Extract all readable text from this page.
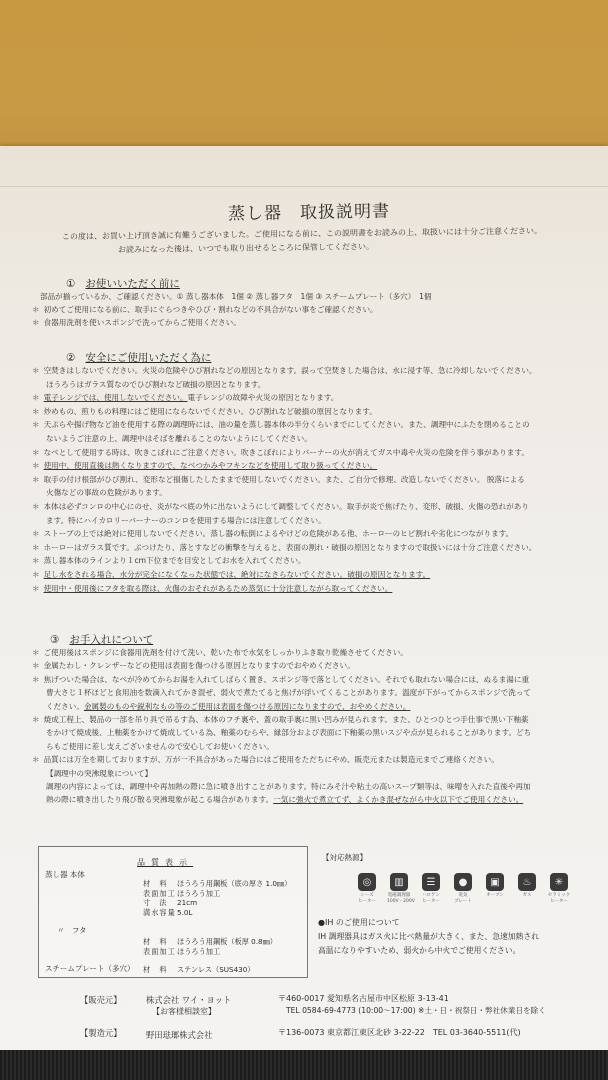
蒸し器　取扱説明書
この度は、お買い上げ頂き誠に有難うございました。ご使用になる前に、この説明書をお読みの上、取扱いには十分ご注意ください。
お読みになった後は、いつでも取り出せるところに保管してください。
① お使いいただく前に
部品が揃っているか、ご確認ください。① 蒸し器本体　1個 ② 蒸し器フタ　1個 ③ スチームプレート（多穴）　1個
＊ 初めてご使用になる前に、取手にぐらつきやひび・割れなどの不具合がない事をご確認ください。
＊ 食器用洗剤を使いスポンジで洗ってからご使用ください。
② 安全にご使用いただく為に
＊ 空焚きはしないでください。火災の危険やひび割れなどの原因となります。誤って空焚きした場合は、水に浸す等、急に冷却しないでください。
ほうろうはガラス質なのでひび割れなど破損の原因となります。
＊ 電子レンジでは、使用しないでください。電子レンジの故障や火災の原因となります。
＊ 炒めもの、煎りもの料理にはご使用にならないでください。ひび割れなど破損の原因となります。
＊ 天ぷらや揚げ物など油を使用する際の調理時には、油の量を蒸し器本体の半分くらいまでにしてください。また、調理中にふたを閉めることの
ないようご注意の上、調理中はそばを離れることのないようにしてください。
＊ なべとして使用する時は、吹きこぼれにご注意ください。吹きこぼれによりバーナーの火が消えてガス中毒や火災の危険を伴う事があります。
＊ 使用中、使用直後は熱くなりますので、なべつかみやフキンなどを使用して取り扱ってください。
＊ 取手の付け根部がひび割れ、変形など損傷したしたままで使用しないでください。また、ご自分で修理、改造しないでください。 脱落による
火傷などの事故の危険があります。
＊ 本体は必ずコンロの中心にのせ、炎がなべ底の外に出ないようにして調整してください。取手が炎で焦げたり、変形、破損、火傷の恐れがあり
ます。特にハイカロリーバーナーのコンロを使用する場合には注意してください。
＊ ストーブの上では絶対に使用しないでください。蒸し器の転倒によるやけどの危険がある他、ホーローのヒビ割れや劣化につながります。
＊ ホーローはガラス質です。ぶつけたり、落とすなどの衝撃を与えると、表面の割れ・破損の原因となりますので取扱いには十分ご注意ください。
＊ 蒸し器本体のラインより１cm下位までを目安としてお水を入れてください。
＊ 足し水をされる場合、水分が完全になくなった状態では、絶対になさらないでください。破損の原因となります。
＊ 使用中・使用後にフタを取る際は、火傷のおそれがあるため蒸気に十分注意しながら取ってください。
③ お手入れについて
＊ ご使用後はスポンジに食器用洗剤を付けて洗い、乾いた布で水気をしっかりふき取り乾燥させてください。
＊ 金属たわし・クレンザーなどの使用は表面を傷つける原因となりますのでおやめください。
＊ 焦げついた場合は、なべが冷めてからお湯を入れてしばらく置き、スポンジ等で落としてください。それでも取れない場合には、ぬるま湯に重
曹大さじ１杯ほどと食用油を数滴入れてかき混ぜ、弱火で煮たてると焦げが浮いてくることがあります。温度が下がってからスポンジで洗って
ください。金属製のものや鋭利なもの等のご使用は表面を傷つける原因になりますので、おやめください。
＊ 焼成工程上、製品の一部を吊り具で吊るす為、本体のフチ裏や、蓋の取手裏に黒い凹みが見られます。また、ひとつひとつ手仕事で黒い下釉薬
をかけて焼成後、上釉薬をかけて焼成している為、釉薬のむらや、縁部分および表面に下釉薬の黒いスジや点が見られることがあります。どち
らもご使用に差し支えございませんので安心してお使いください。
＊ 品質には万全を期しておりますが、万が一不具合があった場合にはご使用をただちにやめ、販売元または製造元までご連絡ください。
【調理中の突沸現象について】
調理の内容によっては、調理中や再加熱の際に急に噴き出すことがあります。特にみそ汁や粘土の高いスープ類等は、味噌を入れた直後や再加
熱の際に噴き出したり飛び散る突沸現象が起こる場合があります。一気に強火で煮立てず、よくかき混ぜながら中火以下でご使用ください。
品質表示
蒸し器 本体
材　料 ほうろう用鋼板（底の厚さ 1.0㎜）
表面加工ほうろう加工
寸　法 21cm
満水容量5.0L
〃　フタ
材　料 ほうろう用鋼板（板厚 0.8㎜）
表面加工ほうろう加工
スチームプレート（多穴） 材　料 ステンレス（SUS430）
【対応熱源】
◎
シーズ
ヒーター
▥
電磁調理器
100V・200V
☰
ハロゲン
ヒーター
●
電気
プレート
▣
オーブン
♨
ガス
✳
セラミック
ヒーター
●IH のご使用について
IH 調理器具はガス火に比べ熱量が大きく、また、急速加熱され
高温になりやすいため、弱火から中火でご使用ください。
【販売元】	株式会社 ワイ・ヨット
【お客様相談室】
〒460-0017 愛知県名古屋市中区松原 3-13-41
TEL 0584-69-4773 (10:00～17:00) ※土・日・祝祭日・弊社休業日を除く
【製造元】	野田琺瑯株式会社	〒136-0073 東京都江東区北砂 3-22-22　TEL 03-3640-5511(代)
